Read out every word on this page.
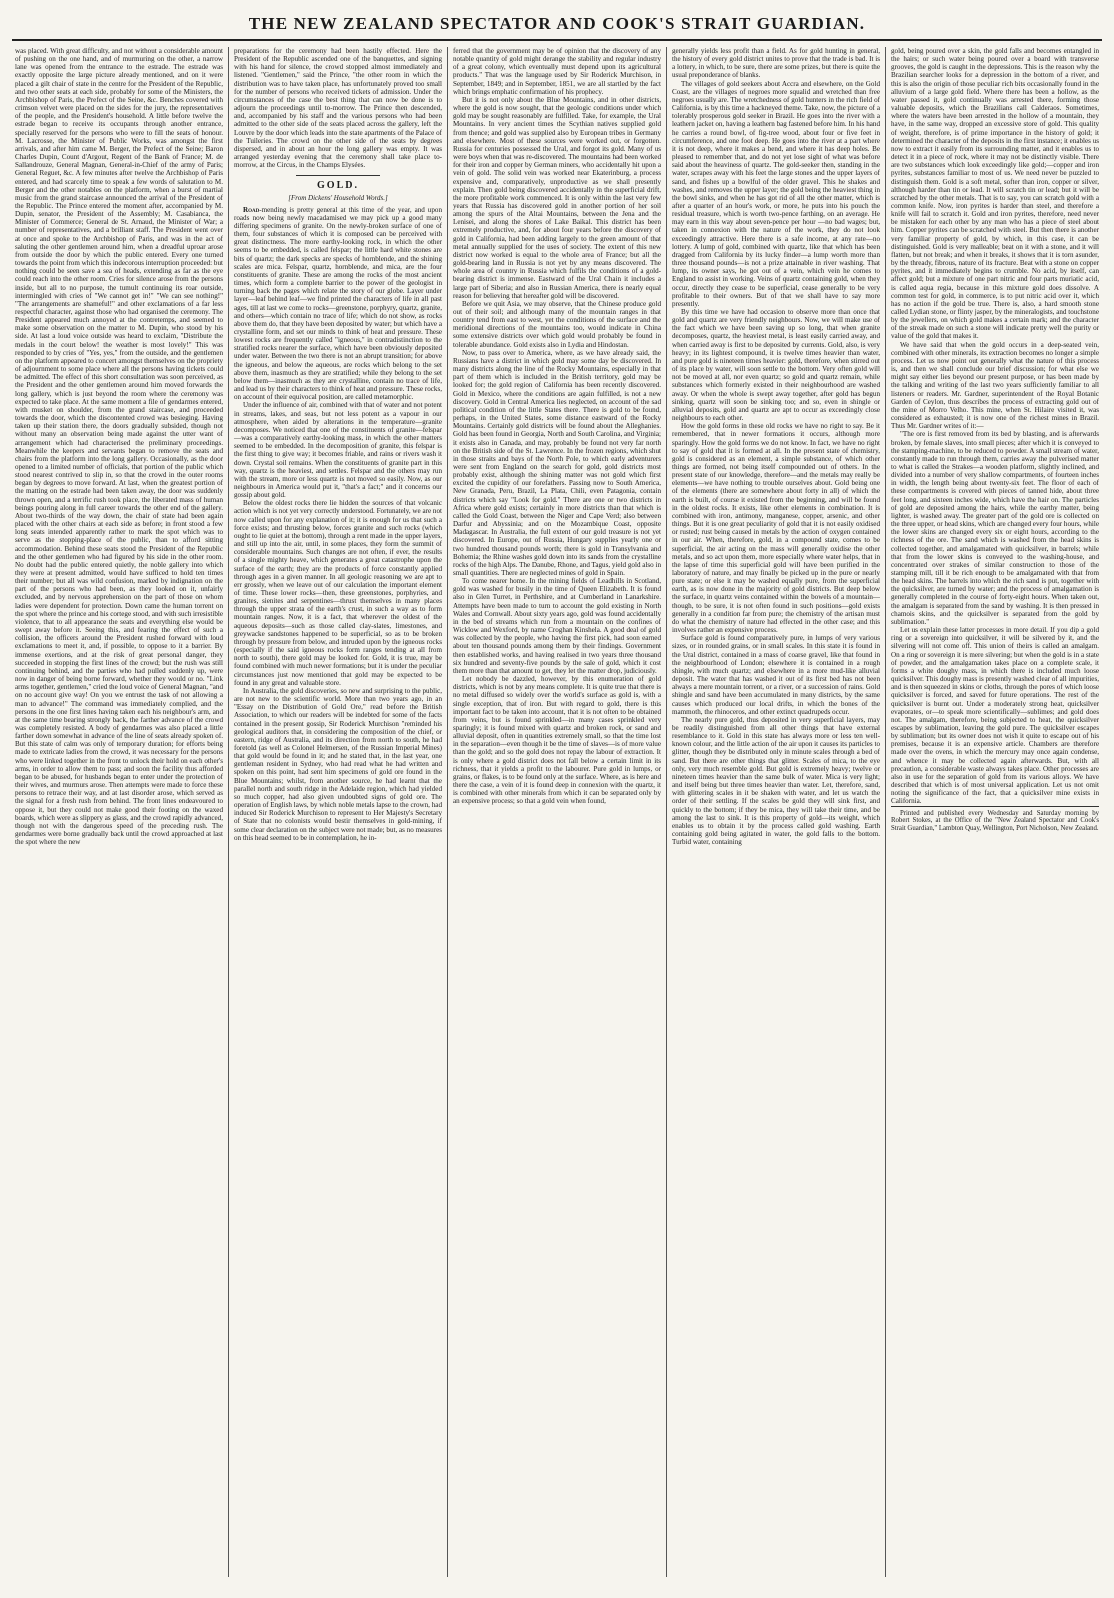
THE NEW ZEALAND SPECTATOR AND COOK'S STRAIT GUARDIAN.

was placed. With great difficulty, and not without a considerable amount of pushing on the one hand, and of murmuring on the other, a narrow lane was opened from the entrance to the estrade. The estrade was exactly opposite the large picture already mentioned, and on it were placed a gilt chair of state in the centre for the President of the Republic, and two other seats at each side, probably for some of the Ministers, the Archbishop of Paris, the Prefect of the Seine, &c. Benches covered with crimson velvet were placed on the sides for the jury, the representatives of the people, and the President's household. A little before twelve the estrade began to receive its occupants through another entrance, specially reserved for the persons who were to fill the seats of honour. M. Lacrosse, the Minister of Public Works, was amongst the first arrivals, and after him came M. Berger, the Prefect of the Seine; Baron Charles Dupin, Count d'Argout, Regent of the Bank of France; M. de Sallandrouze, General Magnan, General-in-Chief of the army of Paris; General Reguet, &c. A few minutes after twelve the Archbishop of Paris entered, and had scarcely time to speak a few words of salutation to M. Berger and the other notables on the platform, when a burst of martial music from the grand staircase announced the arrival of the President of the Republic. The Prince entered the moment after, accompanied by M. Dupin, senator, the President of the Assembly; M. Casabianca, the Minister of Commerce; General de St. Arnaud, the Minister of War; a number of representatives, and a brilliant staff. The President went over at once and spoke to the Archbishop of Paris, and was in the act of saluting the other gentlemen around him, when a dreadful uproar arose from outside the door by which the public entered. Every one turned towards the point from which this indecorous interruption proceeded: but nothing could be seen save a sea of heads, extending as far as the eye could reach into the other room. Cries for silence arose from the persons inside, but all to no purpose, the tumult continuing its roar outside, intermingled with cries of "We cannot get in!" "We can see nothing!" "The arrangements are shameful!" and other exclamations of a far less respectful character, against those who had organised the ceremony. The President appeared much annoyed at the contretemps, and seemed to make some observation on the matter to M. Dupin, who stood by his side. At last a loud voice outside was heard to exclaim, "Distribute the medals in the court below! the weather is most lovely!" This was responded to by cries of "Yes, yes," from the outside, and the gentlemen on the platform appeared to concert amongst themselves on the propriety of adjournment to some place where all the persons having tickets could be admitted. The effect of this short consultation was soon perceived, as the President and the other gentlemen around him moved forwards the long gallery, which is just beyond the room where the ceremony was expected to take place. At the same moment a file of gendarmes entered, with musket on shoulder, from the grand staircase, and proceeded towards the door, which the discontented crowd was besieging. Having taken up their station there, the doors gradually subsided, though not without many an observation being made against the utter want of arrangement which had characterised the preliminary proceedings. Meanwhile the keepers and servants began to remove the seats and chairs from the platform into the long gallery. Occasionally, as the door opened to a limited number of officials, that portion of the public which stood nearest contrived to slip in, so that the crowd in the outer rooms began by degrees to move forward. At last, when the greatest portion of the matting on the estrade had been taken away, the door was suddenly thrown open, and a terrific rush took place, the liberated mass of human beings pouring along in full career towards the other end of the gallery. About two-thirds of the way down, the chair of state had been again placed with the other chairs at each side as before; in front stood a few long seats intended apparently rather to mark the spot which was to serve as the stopping-place of the public, than to afford sitting accommodation. Behind these seats stood the President of the Republic and the other gentlemen who had figured by his side in the other room. No doubt had the public entered quietly, the noble gallery into which they were at present admitted, would have sufficed to hold ten times their number; but all was wild confusion, marked by indignation on the part of the persons who had been, as they looked on it, unfairly excluded, and by nervous apprehension on the part of those on whom ladies were dependent for protection. Down came the human torrent on the spot where the prince and his cortege stood, and with such irresistible violence, that to all appearance the seats and everything else would be swept away before it. Seeing this, and fearing the effect of such a collision, the officers around the President rushed forward with loud exclamations to meet it, and, if possible, to oppose to it a barrier. By immense exertions, and at the risk of great personal danger, they succeeded in stopping the first lines of the crowd; but the rush was still continuing behind, and the parties who had pulled suddenly up, were now in danger of being borne forward, whether they would or no. "Link arms together, gentlemen," cried the loud voice of General Magnan, "and on no account give way! On you we entrust the task of not allowing a man to advance!" The command was immediately complied, and the persons in the one first lines having taken each his neighbour's arm, and at the same time bearing strongly back, the farther advance of the crowd was completely resisted. A body of gendarmes was also placed a little farther down somewhat in advance of the line of seats already spoken of. But this state of calm was only of temporary duration; for efforts being made to extricate ladies from the crowd, it was necessary for the persons who were linked together in the front to unlock their hold on each other's arms, in order to allow them to pass; and soon the facility thus afforded began to be abused, for husbands began to enter under the protection of their wives, and murmurs arose. Then attempts were made to force these persons to retrace their way, and at last disorder arose, which served as the signal for a fresh rush from behind. The front lines endeavoured to oppose it, but they could not make good their footing on the waxed boards, which were as slippery as glass, and the crowd rapidly advanced, though not with the dangerous speed of the preceding rush. The gendarmes were borne gradually back until the crowd approached at last the spot where the new

preparations for the ceremony had been hastily effected. Here the President of the Republic ascended one of the banquettes, and signing with his hand for silence, the crowd stopped almost immediately and listened. "Gentlemen," said the Prince, "the other room in which the distribution was to have taken place, has unfortunately proved too small for the number of persons who received tickets of admission. Under the circumstances of the case the best thing that can now be done is to adjourn the proceedings until to-morrow. The Prince then descended, and, accompanied by his staff and the various persons who had been admitted to the other side of the seats placed across the gallery, left the Louvre by the door which leads into the state apartments of the Palace of the Tuileries. The crowd on the other side of the seats by degrees dispersed, and in about an hour the long gallery was empty. It was arranged yesterday evening that the ceremony shall take place to-morrow, at the Circus, in the Champs Elysées.

GOLD.
[From Dickens' Household Words.]

Road-mending is pretty general at this time of the year, and upon roads now being newly macadamised we may pick up a good many differing specimens of granite. On the newly-broken surface of one of them, four substances of which it is composed can be perceived with great distinctness. The more earthy-looking rock, in which the other seems to be embedded, is called felspar; the little hard white stones are bits of quartz; the dark specks are specks of hornblende, and the shining scales are mica. Felspar, quartz, hornblende, and mica, are the four constituents of granite. These are among the rocks of the most ancient times, which form a complete barrier to the power of the geologist in turning back the pages which relate the story of our globe. Layer under layer—leaf behind leaf—we find printed the characters of life in all past ages, till at last we come to rocks—greenstone, porphyry, quartz, granite, and others—which contain no trace of life; which do not show, as rocks above them do, that they have been deposited by water; but which have a crystalline form, and set our minds to think of heat and pressure. These lowest rocks are frequently called "igneous," in contradistinction to the stratified rocks nearer the surface, which have been obviously deposited under water. Between the two there is not an abrupt transition; for above the igneous, and below the aqueous, are rocks which belong to the set above them, inasmuch as they are stratified; while they belong to the set below them—inasmuch as they are crystalline, contain no trace of life, and lead us by their characters to think of heat and pressure. These rocks, on account of their equivocal position, are called metamorphic.

Under the influence of air, combined with that of water and not potent in streams, lakes, and seas, but not less potent as a vapour in our atmosphere, when aided by alterations in the temperature—granite decomposes. We noticed that one of the constituents of granite—felspar—was a comparatively earthy-looking mass, in which the other matters seemed to be embedded. In the decomposition of granite, this felspar is the first thing to give way; it becomes friable, and rains or rivers wash it down. Crystal soil remains. When the constituents of granite part in this way, quartz is the heaviest, and settles. Felspar and the others may run with the stream, more or less quartz is not moved so easily. Now, as our neighbours in America would put it, "that's a fact;" and it concerns our gossip about gold.

Below the oldest rocks there lie hidden the sources of that volcanic action which is not yet very correctly understood. Fortunately, we are not now called upon for any explanation of it; it is enough for us that such a force exists; and thrusting below, forces granite and such rocks (which ought to lie quiet at the bottom), through a rent made in the upper layers, and still up into the air, until, in some places, they form the summit of considerable mountains. Such changes are not often, if ever, the results of a single mighty heave, which generates a great catastrophe upon the surface of the earth; they are the products of force constantly applied through ages in a given manner. In all geologic reasoning we are apt to err grossly, when we leave out of our calculation the important element of time. These lower rocks—then, these greenstones, porphyries, and granites, sienites and serpentines—thrust themselves in many places through the upper strata of the earth's crust, in such a way as to form mountain ranges. Now, it is a fact, that wherever the oldest of the aqueous deposits—such as those called clay-slates, limestones, and greywacke sandstones happened to be superficial, so as to be broken through by pressure from below, and intruded upon by the igneous rocks (especially if the said igneous rocks form ranges tending at all from north to south), there gold may be looked for. Gold, it is true, may be found combined with much newer formations; but it is under the peculiar circumstances just now mentioned that gold may be expected to be found in any great and valuable store.

In Australia, the gold discoveries, so new and surprising to the public, are not new to the scientific world. More than two years ago, in an "Essay on the Distribution of Gold Ore," read before the British Association, to which our readers will be indebted for some of the facts contained in the present gossip, Sir Roderick Murchison "reminded his geological auditors that, in considering the composition of the chief, or eastern, ridge of Australia, and its direction from north to south, he had foretold (as well as Colonel Helmersen, of the Russian Imperial Mines) that gold would be found in it; and he stated that, in the last year, one gentleman resident in Sydney, who had read what he had written and spoken on this point, had sent him specimens of gold ore found in the Blue Mountains; whilst, from another source, he had learnt that the parallel north and south ridge in the Adelaide region, which had yielded so much copper, had also given undoubted signs of gold ore. The operation of English laws, by which noble metals lapse to the crown, had induced Sir Roderick Murchison to represent to Her Majesty's Secretary of State that no colonists would bestir themselves in gold-mining, if some clear declaration on the subject were not made; but, as no measures on this head seemed to be in contemplation, he in-

ferred that the government may be of opinion that the discovery of any notable quantity of gold might derange the stability and regular industry of a great colony, which eventually must depend upon its agricultural products." That was the language used by Sir Roderick Murchison, in September, 1849; and in September, 1851, we are all startled by the fact which brings emphatic confirmation of his prophecy.

But it is not only about the Blue Mountains, and in other districts, where the gold is now sought, that the geologic conditions under which gold may be sought reasonably are fulfilled. Take, for example, the Ural Mountains. In very ancient times the Scythian natives supplied gold from thence; and gold was supplied also by European tribes in Germany and elsewhere. Most of these sources were worked out, or forgotten. Russia for centuries possessed the Ural, and forgot its gold. Many of us were boys when that was re-discovered. The mountains had been worked for their iron and copper by German miners, who accidentally hit upon a vein of gold. The solid vein was worked near Ekaterinburg, a process expensive and, comparatively, unproductive as we shall presently explain. Then gold being discovered accidentally in the superficial drift, the more profitable work commenced. It is only within the last very few years that Russia has discovered gold in another portion of her soil among the spurs of the Altai Mountains, between the Jena and the Lenisei, and along the shores of Lake Baikal. This district has been extremely productive, and, for about four years before the discovery of gold in California, had been adding largely to the green amount of that metal annually supplied for the uses of society. The extent of this new district now worked is equal to the whole area of France; but all the gold-bearing land in Russia is not yet by any means discovered. The whole area of country in Russia which fulfils the conditions of a gold-bearing district is immense. Eastward of the Ural Chain it includes a large part of Siberia; and also in Russian America, there is nearly equal reason for believing that hereafter gold will be discovered.

Before we quit Asia, we may observe, that the Chinese produce gold out of their soil; and although many of the mountain ranges in that country tend from east to west, yet the conditions of the surface and the meridional directions of the mountains too, would indicate in China some extensive districts over which gold would probably be found in tolerable abundance. Gold exists also in Lydia and Hindostan.

Now, to pass over to America, where, as we have already said, the Russians have a district in which gold may some day be discovered. In many districts along the line of the Rocky Mountains, especially in that part of them which is included in the British territory, gold may be looked for; the gold region of California has been recently discovered. Gold in Mexico, where the conditions are again fulfilled, is not a new discovery. Gold in Central America lies neglected, on account of the sad political condition of the little States there. There is gold to be found, perhaps, in the United States, some distance eastward of the Rocky Mountains. Certainly gold districts will be found about the Alleghanies. Gold has been found in Georgia, North and South Carolina, and Virginia; it exists also in Canada, and may, probably be found not very far north on the British side of the St. Lawrence. In the frozen regions, which shut in those straits and bays of the North Pole, to which early adventurers were sent from England on the search for gold, gold districts most probably exist, although the shining matter was not gold which first excited the cupidity of our forefathers. Passing now to South America, New Granada, Peru, Brazil, La Plata, Chili, even Patagonia, contain districts which say "Look for gold." There are one or two districts in Africa where gold exists; certainly in more districts than that which is called the Gold Coast, between the Niger and Cape Verd; also between Darfur and Abyssinia; and on the Mozambique Coast, opposite Madagascar. In Australia, the full extent of our gold treasure is not yet discovered. In Europe, out of Russia, Hungary supplies yearly one or two hundred thousand pounds worth; there is gold in Transylvania and Bohemia; the Rhine washes gold down into its sands from the crystalline rocks of the high Alps. The Danube, Rhone, and Tagus, yield gold also in small quantities. There are neglected mines of gold in Spain.

To come nearer home. In the mining fields of Leadhills in Scotland, gold was washed for busily in the time of Queen Elizabeth. It is found also in Glen Turret, in Perthshire, and at Cumberland in Lanarkshire. Attempts have been made to turn to account the gold existing in North Wales and Cornwall. About sixty years ago, gold was found accidentally in the bed of streams which run from a mountain on the confines of Wicklow and Wexford, by name Croghan Kinshela. A good deal of gold was collected by the people, who having the first pick, had soon earned about ten thousand pounds among them by their findings. Government then established works, and having realised in two years three thousand six hundred and seventy-five pounds by the sale of gold, which it cost them more than that amount to get, they let the matter drop, judiciously.

Let nobody be dazzled, however, by this enumeration of gold districts, which is not by any means complete. It is quite true that there is no metal diffused so widely over the world's surface as gold is, with a single exception, that of iron. But with regard to gold, there is this important fact to be taken into account, that it is not often to be obtained from veins, but is found sprinkled—in many cases sprinkled very sparingly; it is found mixed with quartz and broken rock, or sand and alluvial deposit, often in quantities extremely small, so that the time lost in the separation—even though it be the time of slaves—is of more value than the gold; and so the gold does not repay the labour of extraction. It is only where a gold district does not fall below a certain limit in its richness, that it yields a profit to the labourer. Pure gold in lumps, or grains, or flakes, is to be found only at the surface. Where, as is here and there the case, a vein of it is found deep in connexion with the quartz, it is combined with other minerals from which it can be separated only by an expensive process; so that a gold vein when found,

generally yields less profit than a field. As for gold hunting in general, the history of every gold district unites to prove that the trade is bad. It is a lottery, in which, to be sure, there are some prizes, but there is quite the usual preponderance of blanks.

The villages of gold seekers about Accra and elsewhere, on the Gold Coast, are the villages of negroes more squalid and wretched than free negroes usually are. The wretchedness of gold hunters in the rich field of California, is by this time a hackneyed theme. Take, now, the picture of a tolerably prosperous gold seeker in Brazil. He goes into the river with a leathern jacket on, having a leathern bag fastened before him. In his hand he carries a round bowl, of fig-tree wood, about four or five feet in circumference, and one foot deep. He goes into the river at a part where it is not deep, where it makes a bend, and where it has deep holes. Be pleased to remember that, and do not yet lose sight of what was before said about the heaviness of quartz. The gold-seeker then, standing in the water, scrapes away with his feet the large stones and the upper layers of sand, and fishes up a bowlful of the older gravel. This he shakes and washes, and removes the upper layer; the gold being the heaviest thing in the bowl sinks, and when he has got rid of all the other matter, which is after a quarter of an hour's work, or more, he puts into his pouch the residual treasure, which is worth two-pence farthing, on an average. He may earn in this way about seven-pence per hour —no bad wages; but, taken in connexion with the nature of the work, they do not look exceedingly attractive. Here there is a safe income, at any rate—no lottery. A lump of gold, combined with quartz, like that which has been dragged from California by its lucky finder—a lump worth more than three thousand pounds—is not a prize attainable in river washing. That lump, its owner says, he got out of a vein, which vein he comes to England to assist in working. Veins of quartz containing gold, when they occur, directly they cease to be superficial, cease generally to be very profitable to their owners. But of that we shall have to say more presently.

By this time we have had occasion to observe more than once that gold and quartz are very friendly neighbours. Now, we will make use of the fact which we have been saving up so long, that when granite decomposes, quartz, the heaviest metal, is least easily carried away, and when carried away is first to be deposited by currents. Gold, also, is very heavy; in its lightest compound, it is twelve times heavier than water, and pure gold is nineteen times heavier: gold, therefore, when stirred out of its place by water, will soon settle to the bottom. Very often gold will not be moved at all, nor even quartz; so gold and quartz remain, while substances which formerly existed in their neighbourhood are washed away. Or when the whole is swept away together, after gold has begun sinking, quartz will soon be sinking too; and so, even in shingle or alluvial deposits, gold and quartz are apt to occur as exceedingly close neighbours to each other.

How the gold forms in these old rocks we have no right to say. Be it remembered, that in newer formations it occurs, although more sparingly. How the gold forms we do not know. In fact, we have no right to say of gold that it is formed at all. In the present state of chemistry, gold is considered as an element, a simple substance, of which other things are formed, not being itself compounded out of others. In the present state of our knowledge, therefore—and the metals may really be elements—we have nothing to trouble ourselves about. Gold being one of the elements (there are somewhere about forty in all) of which the earth is built, of course it existed from the beginning, and will be found in the oldest rocks. It exists, like other elements in combination. It is combined with iron, antimony, manganese, copper, arsenic, and other things. But it is one great peculiarity of gold that it is not easily oxidised or rusted; rust being caused in metals by the action of oxygen contained in our air. When, therefore, gold, in a compound state, comes to be superficial, the air acting on the mass will generally oxidise the other metals, and so act upon them, more especially where water helps, that in the lapse of time this superficial gold will have been purified in the laboratory of nature, and may finally be picked up in the pure or nearly pure state; or else it may be washed equally pure, from the superficial earth, as is now done in the majority of gold districts. But deep below the surface, in quartz veins contained within the bowels of a mountain—though, to be sure, it is not often found in such positions—gold exists generally in a condition far from pure; the chemistry of the artisan must do what the chemistry of nature had effected in the other case; and this involves rather an expensive process.

Surface gold is found comparatively pure, in lumps of very various sizes, or in rounded grains, or in small scales. In this state it is found in the Ural district, contained in a mass of coarse gravel, like that found in the neighbourhood of London; elsewhere it is contained in a rough shingle, with much quartz; and elsewhere in a more mud-like alluvial deposit. The water that has washed it out of its first bed has not been always a mere mountain torrent, or a river, or a succession of rains. Gold shingle and sand have been accumulated in many districts, by the same causes which produced our local drifts, in which the bones of the mammoth, the rhinoceros, and other extinct quadrupeds occur.

The nearly pure gold, thus deposited in very superficial layers, may be readily distinguished from all other things that have external resemblance to it. Gold in this state has always more or less ten well-known colour, and the little action of the air upon it causes its particles to glitter, though they be distributed only in minute scales through a bed of sand. But there are other things that glitter. Scales of mica, to the eye only, very much resemble gold. But gold is extremely heavy; twelve or nineteen times heavier than the same bulk of water. Mica is very light; and itself being but three times heavier than water. Let, therefore, sand, with glittering scales in it be shaken with water, and let us watch the order of their settling. If the scales be gold they will sink first, and quickly to the bottom; if they be mica, they will take their time, and be among the last to sink. It is this property of gold—its weight, which enables us to obtain it by the process called gold washing. Earth containing gold being agitated in water, the gold falls to the bottom. Turbid water, containing

gold, being poured over a skin, the gold falls and becomes entangled in the hairs; or such water being poured over a board with transverse grooves, the gold is caught in the depressions. This is the reason why the Brazilian searcher looks for a depression in the bottom of a river, and this is also the origin of those peculiar rich bits occasionally found in the alluvium of a large gold field. Where there has been a hollow, as the water passed it, gold continually was arrested there, forming those valuable deposits, which the Brazilians call Calderaos. Sometimes, where the waters have been arrested in the hollow of a mountain, they have, in the same way, dropped an excessive store of gold. This quality of weight, therefore, is of prime importance in the history of gold; it determined the character of the deposits in the first instance; it enables us now to extract it easily from its surrounding matter, and it enables us to detect it in a piece of rock, where it may not be distinctly visible. There are two substances which look exceedingly like gold;—copper and iron pyrites, substances familiar to most of us. We need never be puzzled to distinguish them. Gold is a soft metal, softer than iron, copper or silver, although harder than tin or lead. It will scratch tin or lead; but it will be scratched by the other metals. That is to say, you can scratch gold with a common knife. Now, iron pyrites is harder than steel, and therefore a knife will fail to scratch it. Gold and iron pyrites, therefore, need never be mistaken for each other by any man who has a piece of steel about him. Copper pyrites can be scratched with steel. But then there is another very familiar property of gold, by which, in this case, it can be distinguished. Gold is very malleable; beat on it with a stone, and it will flatten, but not break; and when it breaks, it shows that it is torn asunder, by the thready, fibrous, nature of its fracture. Beat with a stone on copper pyrites, and it immediately begins to crumble. No acid, by itself, can affect gold; but a mixture of one part nitric and four parts muriatic acid, is called aqua regia, because in this mixture gold does dissolve. A common test for gold, in commerce, is to put nitric acid over it, which has no action if the gold be true. There is, also, a hard smooth stone called Lydian stone, or flinty jasper, by the mineralogists, and touchstone by the jewellers, on which gold makes a certain mark; and the character of the streak made on such a stone will indicate pretty well the purity or value of the gold that makes it.

We have said that when the gold occurs in a deep-seated vein, combined with other minerals, its extraction becomes no longer a simple process. Let us now point out generally what the nature of this process is, and then we shall conclude our brief discussion; for what else we might say either lies beyond our present purpose, or has been made by the talking and writing of the last two years sufficiently familiar to all listeners or readers. Mr. Gardner, superintendent of the Royal Botanic Garden of Ceylon, thus describes the process of extracting gold out of the mine of Morro Velho. This mine, when St. Hilaire visited it, was considered as exhausted; it is now one of the richest mines in Brazil. Thus Mr. Gardner writes of it:—

"The ore is first removed from its bed by blasting, and is afterwards broken, by female slaves, into small pieces; after which it is conveyed to the stamping-machine, to be reduced to powder. A small stream of water, constantly made to run through them, carries away the pulverised matter to what is called the Strakes—a wooden platform, slightly inclined, and divided into a number of very shallow compartments, of fourteen inches in width, the length being about twenty-six feet. The floor of each of these compartments is covered with pieces of tanned hide, about three feet long, and sixteen inches wide, which have the hair on. The particles of gold are deposited among the hairs, while the earthy matter, being lighter, is washed away. The greater part of the gold ore is collected on the three upper, or head skins, which are changed every four hours, while the lower skins are changed every six or eight hours, according to the richness of the ore. The sand which is washed from the head skins is collected together, and amalgamated with quicksilver, in barrels; while that from the lower skins is conveyed to the washing-house, and concentrated over strakes of similar construction to those of the stamping mill, till it be rich enough to be amalgamated with that from the head skins. The barrels into which the rich sand is put, together with the quicksilver, are turned by water; and the process of amalgamation is generally completed in the course of forty-eight hours. When taken out, the amalgam is separated from the sand by washing. It is then pressed in chamois skins, and the quicksilver is separated from the gold by sublimation."

Let us explain these latter processes in more detail. If you dip a gold ring or a sovereign into quicksilver, it will be silvered by it, and the silvering will not come off. This union of theirs is called an amalgam. On a ring or sovereign it is mere silvering; but when the gold is in a state of powder, and the amalgamation takes place on a complete scale, it forms a white doughy mass, in which there is included much loose quicksilver. This doughy mass is presently washed clear of all impurities, and is then squeezed in skins or cloths, through the pores of which loose quicksilver is forced, and saved for future operations. The rest of the quicksilver is burnt out. Under a moderately strong heat, quicksilver evaporates, or—to speak more scientifically—sublimes; and gold does not. The amalgam, therefore, being subjected to heat, the quicksilver escapes by sublimation, leaving the gold pure. The quicksilver escapes by sublimation; but its owner does not wish it quite to escape out of his premises, because it is an expensive article. Chambers are therefore made over the ovens, in which the mercury may once again condense, and whence it may be collected again afterwards. But, with all precaution, a considerable waste always takes place. Other processes are also in use for the separation of gold from its various alloys. We have described that which is of most universal application. Let us not omit noting the significance of the fact, that a quicksilver mine exists in California.

Printed and published every Wednesday and Saturday morning by Robert Stokes, at the Office of the "New Zealand Spectator and Cook's Strait Guardian," Lambton Quay, Wellington, Port Nicholson, New Zealand.
